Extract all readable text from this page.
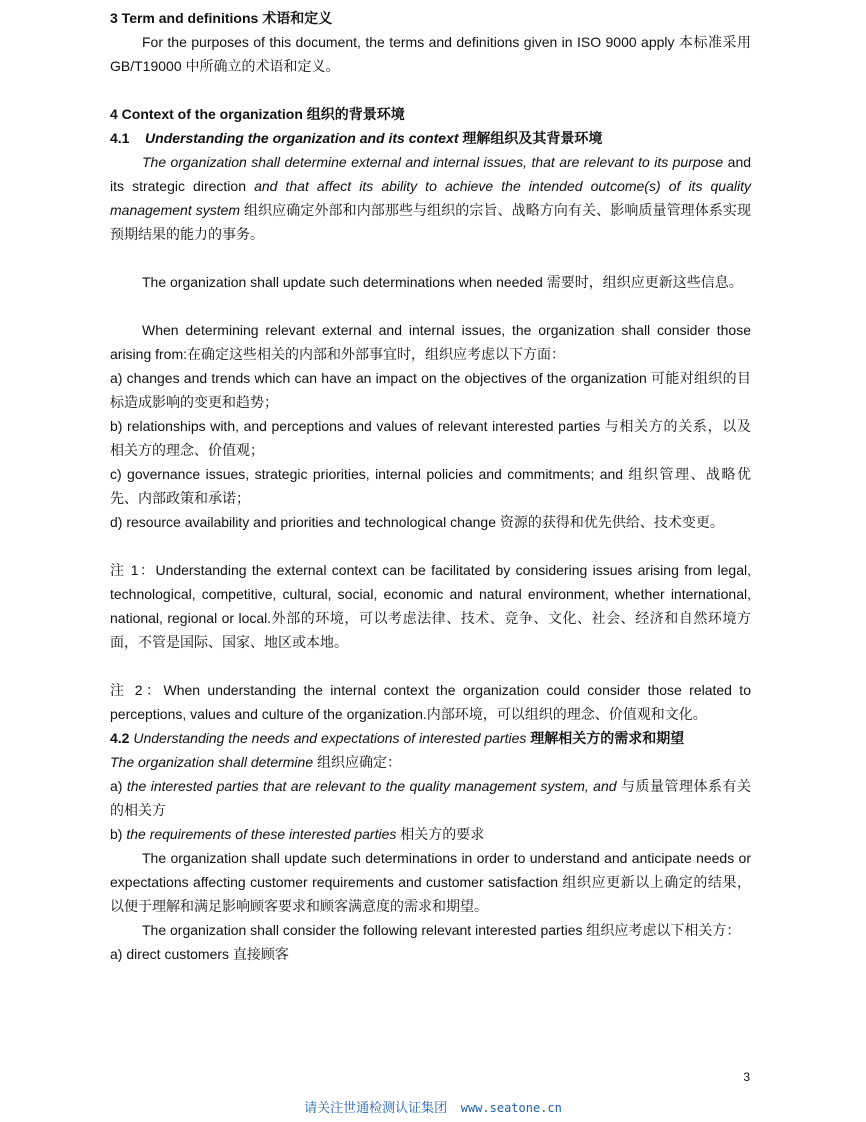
3 Term and definitions 术语和定义

For the purposes of this document, the terms and definitions given in ISO 9000 apply 本标准采用 GB/T19000 中所确立的术语和定义。

4 Context of the organization 组织的背景环境

4.1 Understanding the organization and its context 理解组织及其背景环境

The organization shall determine external and internal issues, that are relevant to its purpose and its strategic direction and that affect its ability to achieve the intended outcome(s) of its quality management system 组织应确定外部和内部那些与组织的宗旨、战略方向有关、影响质量管理体系实现预期结果的能力的事务。

The organization shall update such determinations when needed 需要时，组织应更新这些信息。

When determining relevant external and internal issues, the organization shall consider those arising from:在确定这些相关的内部和外部事宜时，组织应考虑以下方面：

a) changes and trends which can have an impact on the objectives of the organization 可能对组织的目标造成影响的变更和趋势；

b) relationships with, and perceptions and values of relevant interested parties 与相关方的关系，以及相关方的理念、价值观；

c) governance issues, strategic priorities, internal policies and commitments; and 组织管理、战略优先、内部政策和承诺；

d) resource availability and priorities and technological change 资源的获得和优先供给、技术变更。

注 1：Understanding the external context can be facilitated by considering issues arising from legal, technological, competitive, cultural, social, economic and natural environment, whether international, national, regional or local.外部的环境，可以考虑法律、技术、竞争、文化、社会、经济和自然环境方面，不管是国际、国家、地区或本地。

注 2：When understanding the internal context the organization could consider those related to perceptions, values and culture of the organization.内部环境，可以组织的理念、价值观和文化。

4.2 Understanding the needs and expectations of interested parties 理解相关方的需求和期望

The organization shall determine 组织应确定：

a) the interested parties that are relevant to the quality management system, and 与质量管理体系有关的相关方

b) the requirements of these interested parties 相关方的要求

The organization shall update such determinations in order to understand and anticipate needs or expectations affecting customer requirements and customer satisfaction 组织应更新以上确定的结果，以便于理解和满足影响顾客要求和顾客满意度的需求和期望。

The organization shall consider the following relevant interested parties 组织应考虑以下相关方：

a) direct customers 直接顾客

3
请关注世通检测认证集团 www.seatone.cn
